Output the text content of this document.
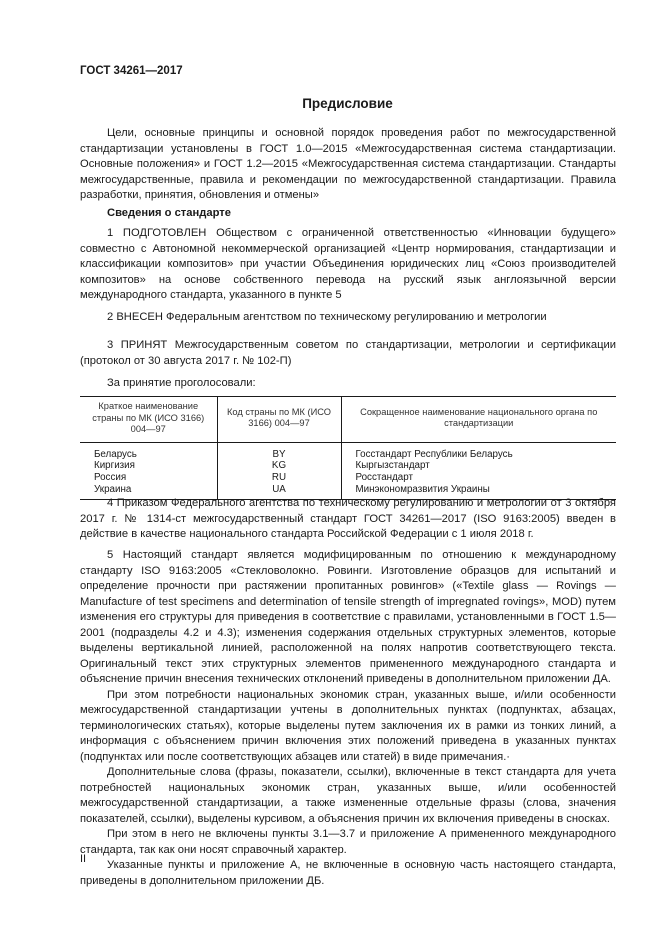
ГОСТ 34261—2017
Предисловие

Цели, основные принципы и основной порядок проведения работ по межгосударственной стандартизации установлены в ГОСТ 1.0—2015 «Межгосударственная система стандартизации. Основные положения» и ГОСТ 1.2—2015 «Межгосударственная система стандартизации. Стандарты межгосударственные, правила и рекомендации по межгосударственной стандартизации. Правила разработки, принятия, обновления и отмены»

Сведения о стандарте

1 ПОДГОТОВЛЕН Обществом с ограниченной ответственностью «Инновации будущего» совместно с Автономной некоммерческой организацией «Центр нормирования, стандартизации и классификации композитов» при участии Объединения юридических лиц «Союз производителей композитов» на основе собственного перевода на русский язык англоязычной версии международного стандарта, указанного в пункте 5

2 ВНЕСЕН Федеральным агентством по техническому регулированию и метрологии

3 ПРИНЯТ Межгосударственным советом по стандартизации, метрологии и сертификации (протокол от 30 августа 2017 г. № 102-П)

За принятие проголосовали:
Краткое наименование страны по МК (ИСО 3166) 004—97	Код страны по МК (ИСО 3166) 004—97	Сокращенное наименование национального органа по стандартизации
Беларусь	BY	Госстандарт Республики Беларусь
Киргизия	KG	Кыргызстандарт
Россия	RU	Росстандарт
Украина	UA	Минэкономразвития Украины

4 Приказом Федерального агентства по техническому регулированию и метрологии от 3 октября 2017 г. № 1314-ст межгосударственный стандарт ГОСТ 34261—2017 (ISO 9163:2005) введен в действие в качестве национального стандарта Российской Федерации с 1 июля 2018 г.

5 Настоящий стандарт является модифицированным по отношению к международному стандарту ISO 9163:2005 «Стекловолокно. Ровинги. Изготовление образцов для испытаний и определение прочности при растяжении пропитанных ровингов» («Textile glass — Rovings — Manufacture of test specimens and determination of tensile strength of impregnated rovings», MOD) путем изменения его структуры для приведения в соответствие с правилами, установленными в ГОСТ 1.5—2001 (подразделы 4.2 и 4.3); изменения содержания отдельных структурных элементов, которые выделены вертикальной линией, расположенной на полях напротив соответствующего текста. Оригинальный текст этих структурных элементов примененного международного стандарта и объяснение причин внесения технических отклонений приведены в дополнительном приложении ДА.

При этом потребности национальных экономик стран, указанных выше, и/или особенности межгосударственной стандартизации учтены в дополнительных пунктах (подпунктах, абзацах, терминологических статьях), которые выделены путем заключения их в рамки из тонких линий, а информация с объяснением причин включения этих положений приведена в указанных пунктах (подпунктах или после соответствующих абзацев или статей) в виде примечания.·

Дополнительные слова (фразы, показатели, ссылки), включенные в текст стандарта для учета потребностей национальных экономик стран, указанных выше, и/или особенностей межгосударственной стандартизации, а также измененные отдельные фразы (слова, значения показателей, ссылки), выделены курсивом, а объяснения причин их включения приведены в сносках.

При этом в него не включены пункты 3.1—3.7 и приложение А примененного международного стандарта, так как они носят справочный характер.

Указанные пункты и приложение А, не включенные в основную часть настоящего стандарта, приведены в дополнительном приложении ДБ.

II
